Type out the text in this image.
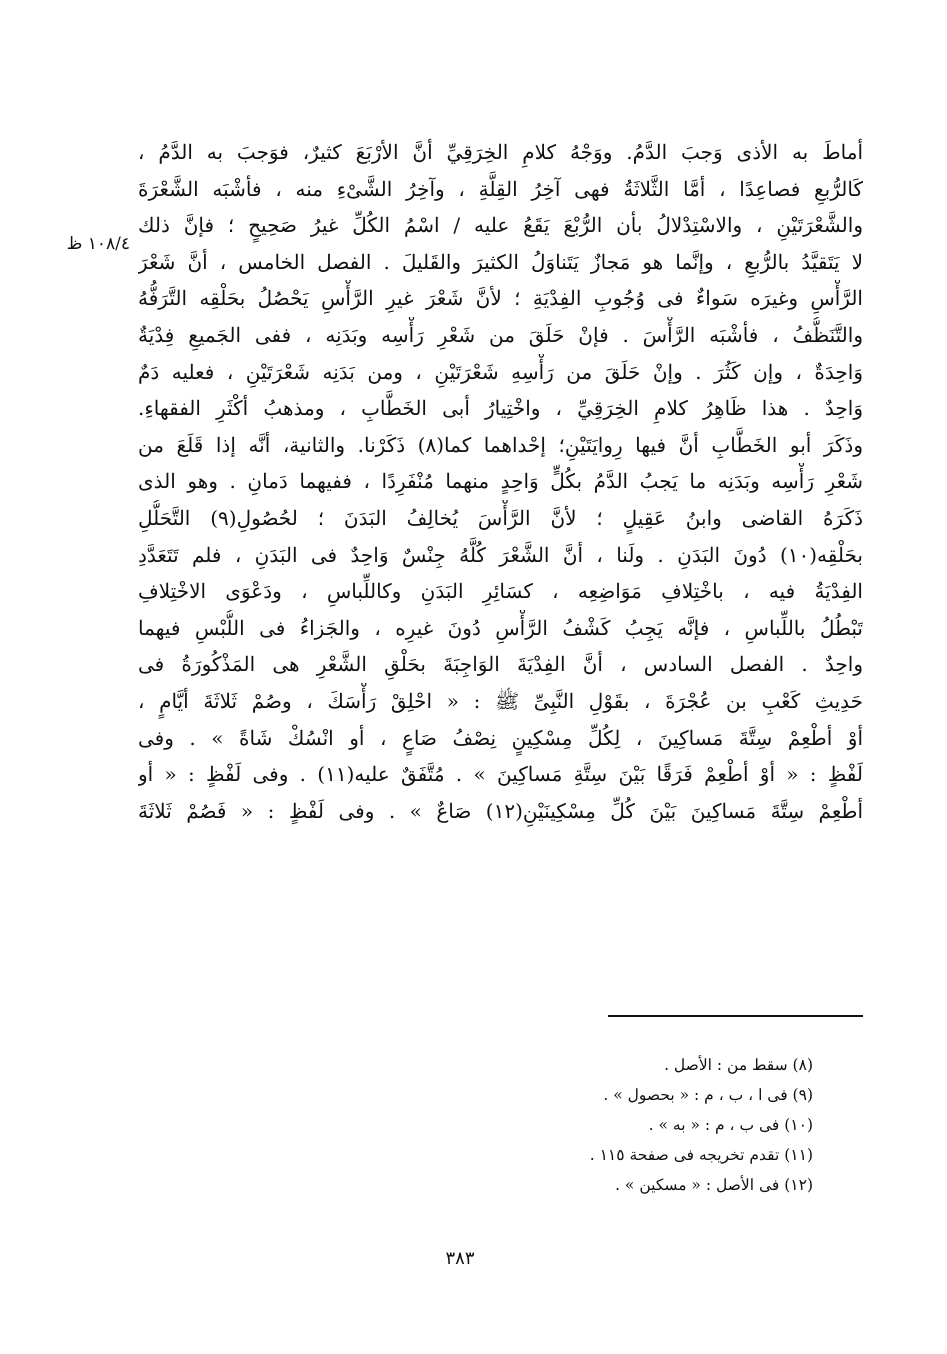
أماطَ به الأذى وَجبَ الدَّمُ. ووَجْهُ كلامِ الخِرَقِيِّ أنَّ الأرْبَعَ كثيرٌ، فوَجبَ به الدَّمُ ،
كَالرُّبعِ فصاعِدًا ، أمَّا الثَّلاثَةُ فهى آخِرُ القِلَّةِ ، وآخِرُ الشَّىْءِ منه ، فأشْبَه الشَّعْرَةَ
والشَّعْرَتَيْنِ ، والاسْتِدْلالُ بأن الرُّبْعَ يَقَعُ عليه / اسْمُ الكُلِّ غيرُ صَحِيحٍ ؛ فإنَّ ذلك
لا يَتَقيَّدُ بالرُّبعِ ، وإنَّما هو مَجازٌ يَتَناوَلُ الكثيرَ والقَليلَ . الفصل الخامس ، أنَّ شَعْرَ
الرَّأْسِ وغيرَه سَواءٌ فى وُجُوبِ الفِدْيَةِ ؛ لأنَّ شَعْرَ غيرِ الرَّأْسِ يَحْصُلُ بحَلْقِه التَّرَفُّهُ
والتَّنَظُّفُ ، فأشْبَه الرَّأْسَ . فإنْ حَلَقَ من شَعْرِ رَأْسِه وبَدَنِه ، ففى الجَميعِ فِدْيَةٌ
وَاحِدَةٌ ، وإن كَثُرَ . وإنْ حَلَقَ من رَأْسِهِ شَعْرَتَيْنِ ، ومن بَدَنِه شَعْرَتَيْنِ ، فعليه دَمٌ
وَاحِدٌ . هذا ظَاهِرُ كلامِ الخِرَقِيِّ ، واخْتِيارُ أبى الخَطَّابِ ، ومذهبُ أكْثَرِ الفقهاءِ.
وذَكَرَ أبو الخَطَّابِ أنَّ فيها رِوايَتَيْنِ؛ إحْداهما كما(٨) ذَكَرْنا. والثانية، أنَّه إذا قَلَعَ من
شَعْرِ رَأْسِه وبَدَنِه ما يَجبُ الدَّمُ بكُلٍّ وَاحِدٍ منهما مُنْفَرِدًا ، ففيهما دَمانِ . وهو الذى
ذَكَرَهُ القاضى وابنُ عَقِيلٍ ؛ لأنَّ الرَّأْسَ يُخالِفُ البَدَنَ ؛ لحُصُولِ(٩) التَّحَلُّلِ
بحَلْقِه(١٠) دُونَ البَدَنِ . ولَنا ، أنَّ الشَّعْرَ كُلَّهُ جِنْسٌ وَاحِدٌ فى البَدَنِ ، فلم تَتَعَدَّدِ
الفِدْيَةُ فيه ، باخْتِلافِ مَوَاضِعِه ، كسَائِرِ البَدَنِ وكاللِّباسِ ، ودَعْوَى الاخْتِلافِ
تَبْطُلُ باللِّباسِ ، فإنَّه يَجِبُ كَشْفُ الرَّأْسِ دُونَ غيرِه ، والجَزاءُ فى اللُّبْسِ فيهما
واحِدٌ . الفصل السادس ، أنَّ الفِدْيَةَ الوَاجِبَةَ بحَلْقِ الشَّعْرِ هى المَذْكُورَةُ فى
حَدِيثِ كَعْبِ بن عُجْرَةَ ، بقَوْلِ النَّبِىِّ ﷺ : « احْلِقْ رَأْسَكَ ، وصُمْ ثَلاثَةَ أيَّامٍ ،
أوْ أطْعِمْ سِتَّةَ مَساكِينَ ، لِكُلِّ مِسْكِينٍ نِصْفُ صَاعٍ ، أو انْسُكْ شَاةً » . وفى
لَفْظٍ : « أوْ أطْعِمْ فَرَقًا بَيْنَ سِتَّةِ مَساكِينَ » . مُتَّفَقٌ عليه(١١) . وفى لَفْظٍ : « أو
أطْعِمْ سِتَّةَ مَساكِينَ بَيْنَ كُلِّ مِسْكِينَيْنِ(١٢) صَاعٌ » . وفى لَفْظٍ : « فَصُمْ ثَلاثَةَ
١٠٨/٤ ظ
(٨) سقط من : الأصل .
(٩) فى ا ، ب ، م : « بحصول » .
(١٠) فى ب ، م : « به » .
(١١) تقدم تخريجه فى صفحة ١١٥ .
(١٢) فى الأصل : « مسكين » .
٣٨٣
